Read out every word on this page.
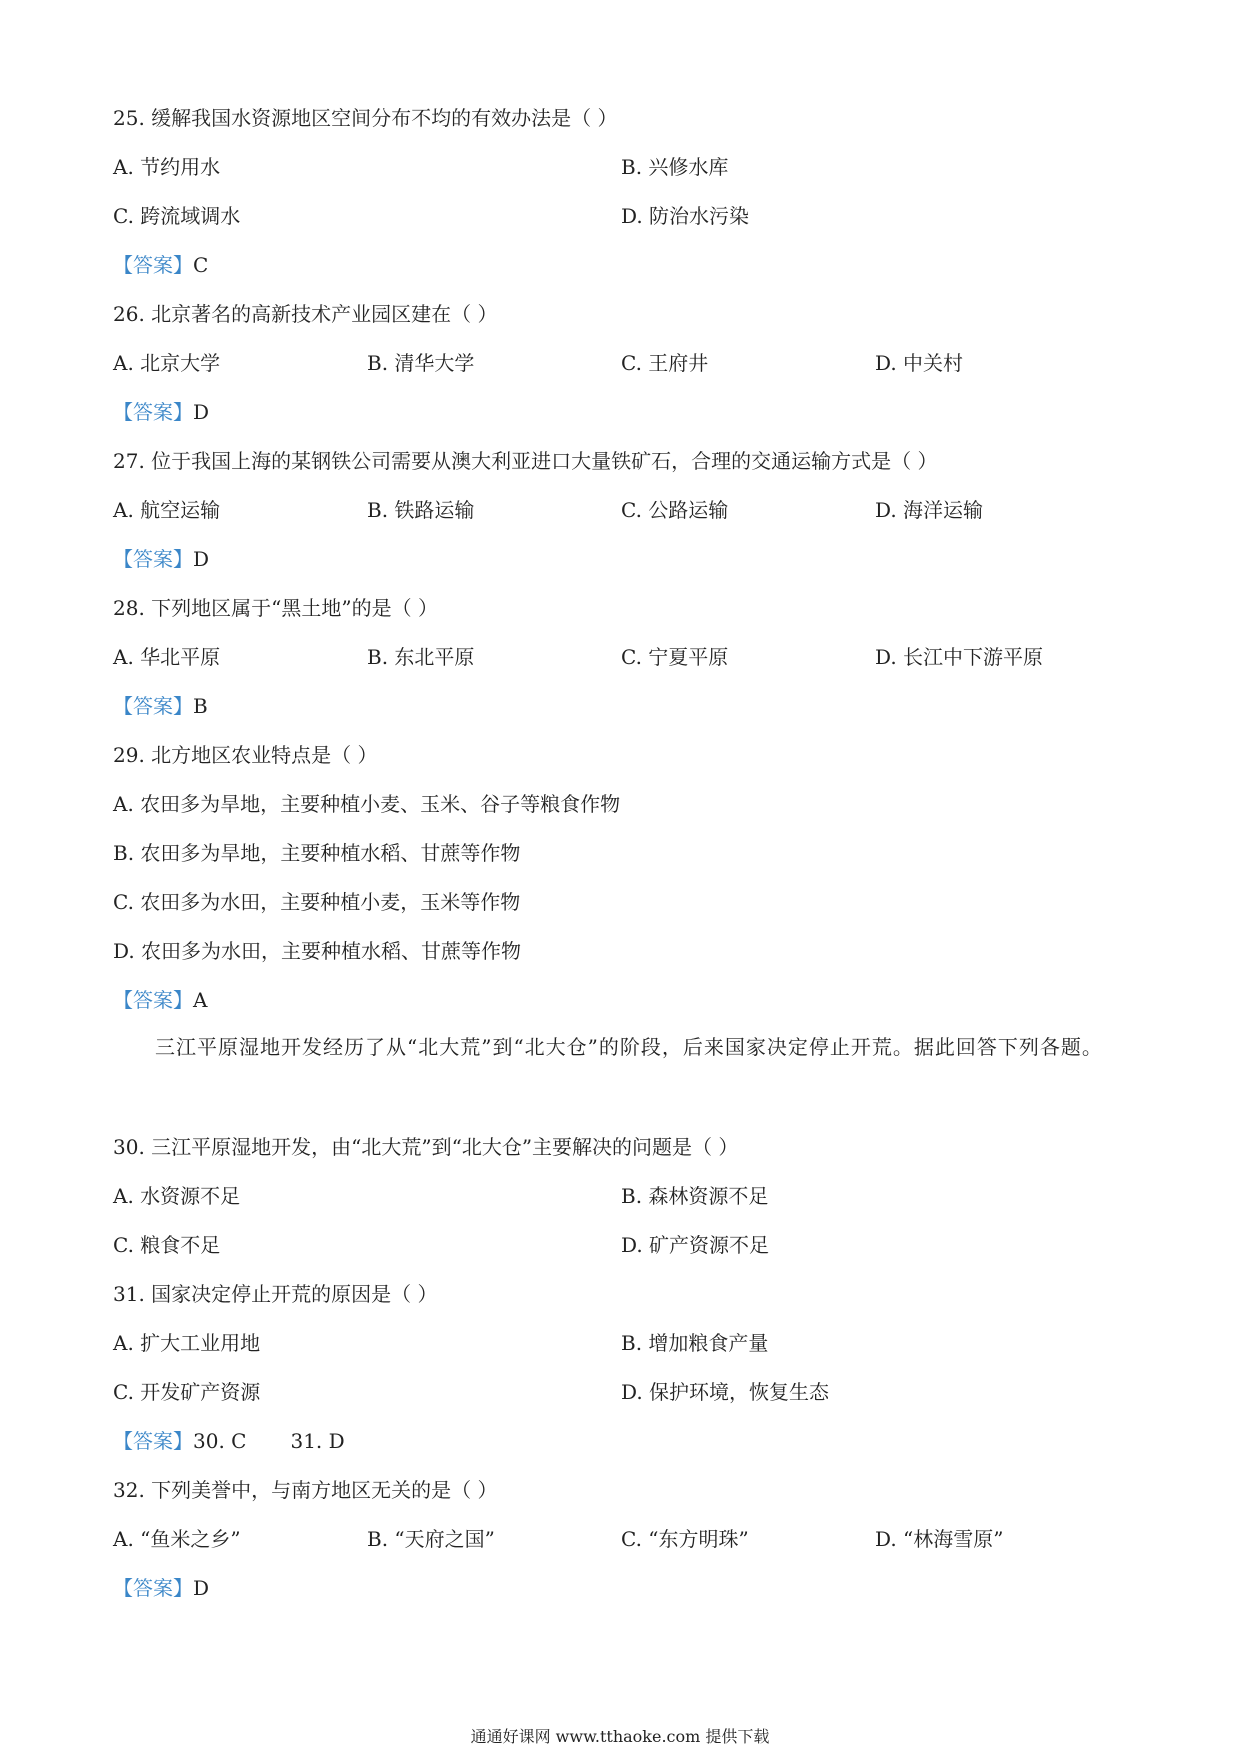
25. 缓解我国水资源地区空间分布不均的有效办法是（ ）
A. 节约用水	B. 兴修水库
C. 跨流域调水	D. 防治水污染
【答案】C
26. 北京著名的高新技术产业园区建在（ ）
A. 北京大学	B. 清华大学	C. 王府井	D. 中关村
【答案】D
27. 位于我国上海的某钢铁公司需要从澳大利亚进口大量铁矿石，合理的交通运输方式是（ ）
A. 航空运输	B. 铁路运输	C. 公路运输	D. 海洋运输
【答案】D
28. 下列地区属于“黑土地”的是（ ）
A. 华北平原	B. 东北平原	C. 宁夏平原	D. 长江中下游平原
【答案】B
29. 北方地区农业特点是（ ）
A. 农田多为旱地，主要种植小麦、玉米、谷子等粮食作物
B. 农田多为旱地，主要种植水稻、甘蔗等作物
C. 农田多为水田，主要种植小麦，玉米等作物
D. 农田多为水田，主要种植水稻、甘蔗等作物
【答案】A
三江平原湿地开发经历了从“北大荒”到“北大仓”的阶段，后来国家决定停止开荒。据此回答下列各题。
30. 三江平原湿地开发，由“北大荒”到“北大仓”主要解决的问题是（ ）
A. 水资源不足	B. 森林资源不足
C. 粮食不足	D. 矿产资源不足
31. 国家决定停止开荒的原因是（ ）
A. 扩大工业用地	B. 增加粮食产量
C. 开发矿产资源	D. 保护环境，恢复生态
【答案】30. C 31. D
32. 下列美誉中，与南方地区无关的是（ ）
A. “鱼米之乡”	B. “天府之国”	C. “东方明珠”	D. “林海雪原”
【答案】D
通通好课网 www.tthaoke.com 提供下载
